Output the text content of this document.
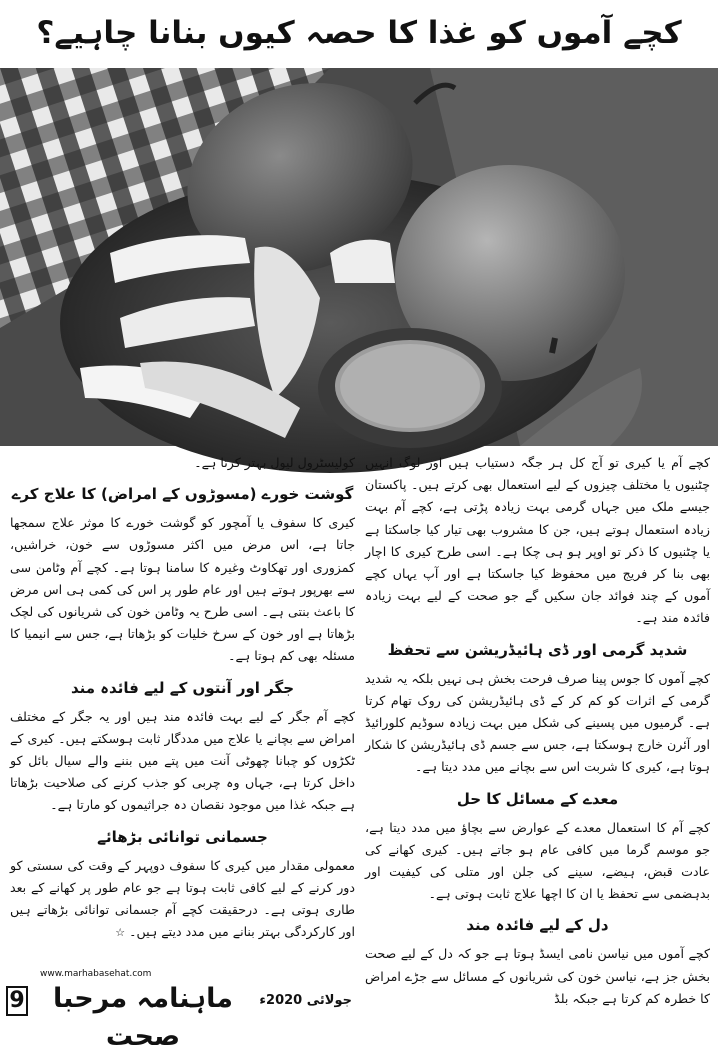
کچے آموں کو غذا کا حصہ کیوں بنانا چاہیے؟

کچے آم یا کیری تو آج کل ہر جگہ دستیاب ہیں اور لوگ انہیں چٹنیوں یا مختلف چیزوں کے لیے استعمال بھی کرتے ہیں۔ پاکستان جیسے ملک میں جہاں گرمی بہت زیادہ پڑتی ہے، کچے آم بہت زیادہ استعمال ہوتے ہیں، جن کا مشروب بھی تیار کیا جاسکتا ہے یا چٹنیوں کا ذکر تو اوپر ہو ہی چکا ہے۔ اسی طرح کیری کا اچار بھی بنا کر فریج میں محفوظ کیا جاسکتا ہے اور آپ یہاں کچے آموں کے چند فوائد جان سکیں گے جو صحت کے لیے بہت زیادہ فائدہ مند ہے۔

شدید گرمی اور ڈی ہائیڈریشن سے تحفظ

کچے آموں کا جوس پینا صرف فرحت بخش ہی نہیں بلکہ یہ شدید گرمی کے اثرات کو کم کر کے ڈی ہائیڈریشن کی روک تھام کرتا ہے۔ گرمیوں میں پسینے کی شکل میں بہت زیادہ سوڈیم کلورائیڈ اور آئرن خارج ہوسکتا ہے، جس سے جسم ڈی ہائیڈریشن کا شکار ہوتا ہے، کیری کا شربت اس سے بچانے میں مدد دیتا ہے۔

معدے کے مسائل کا حل

کچے آم کا استعمال معدے کے عوارض سے بچاؤ میں مدد دیتا ہے، جو موسم گرما میں کافی عام ہو جاتے ہیں۔ کیری کھانے کی عادت قبض، ہیضے، سینے کی جلن اور متلی کی کیفیت اور بدہضمی سے تحفظ یا ان کا اچھا علاج ثابت ہوتی ہے۔

دل کے لیے فائدہ مند

کچے آموں میں نیاسن نامی ایسڈ ہوتا ہے جو کہ دل کے لیے صحت بخش جز ہے، نیاسن خون کی شریانوں کے مسائل سے جڑے امراض کا خطرہ کم کرتا ہے جبکہ بلڈ

کولیسٹرول لیول بہتر کرتا ہے۔

گوشت خورے (مسوڑوں کے امراض) کا علاج کرے

کیری کا سفوف یا آمچور کو گوشت خورے کا موثر علاج سمجھا جاتا ہے، اس مرض میں اکثر مسوڑوں سے خون، خراشیں، کمزوری اور تھکاوٹ وغیرہ کا سامنا ہوتا ہے۔ کچے آم وٹامن سی سے بھرپور ہوتے ہیں اور عام طور پر اس کی کمی ہی اس مرض کا باعث بنتی ہے۔ اسی طرح یہ وٹامن خون کی شریانوں کی لچک بڑھاتا ہے اور خون کے سرخ خلیات کو بڑھاتا ہے، جس سے انیمیا کا مسئلہ بھی کم ہوتا ہے۔

جگر اور آنتوں کے لیے فائدہ مند

کچے آم جگر کے لیے بہت فائدہ مند ہیں اور یہ جگر کے مختلف امراض سے بچانے یا علاج میں مددگار ثابت ہوسکتے ہیں۔ کیری کے ٹکڑوں کو چبانا چھوٹی آنت میں پتے میں بننے والے سیال بائل کو داخل کرتا ہے، جہاں وہ چربی کو جذب کرنے کی صلاحیت بڑھاتا ہے جبکہ غذا میں موجود نقصان دہ جراثیموں کو مارتا ہے۔

جسمانی توانائی بڑھائے

معمولی مقدار میں کیری کا سفوف دوپہر کے وقت کی سستی کو دور کرنے کے لیے کافی ثابت ہوتا ہے جو عام طور پر کھانے کے بعد طاری ہوتی ہے۔ درحقیقت کچے آم جسمانی توانائی بڑھاتے ہیں اور کارکردگی بہتر بنانے میں مدد دیتے ہیں۔ ☆

www.marhabasehat.com
9	ماہنامہ مرحبا صحت
جولائی 2020ء
